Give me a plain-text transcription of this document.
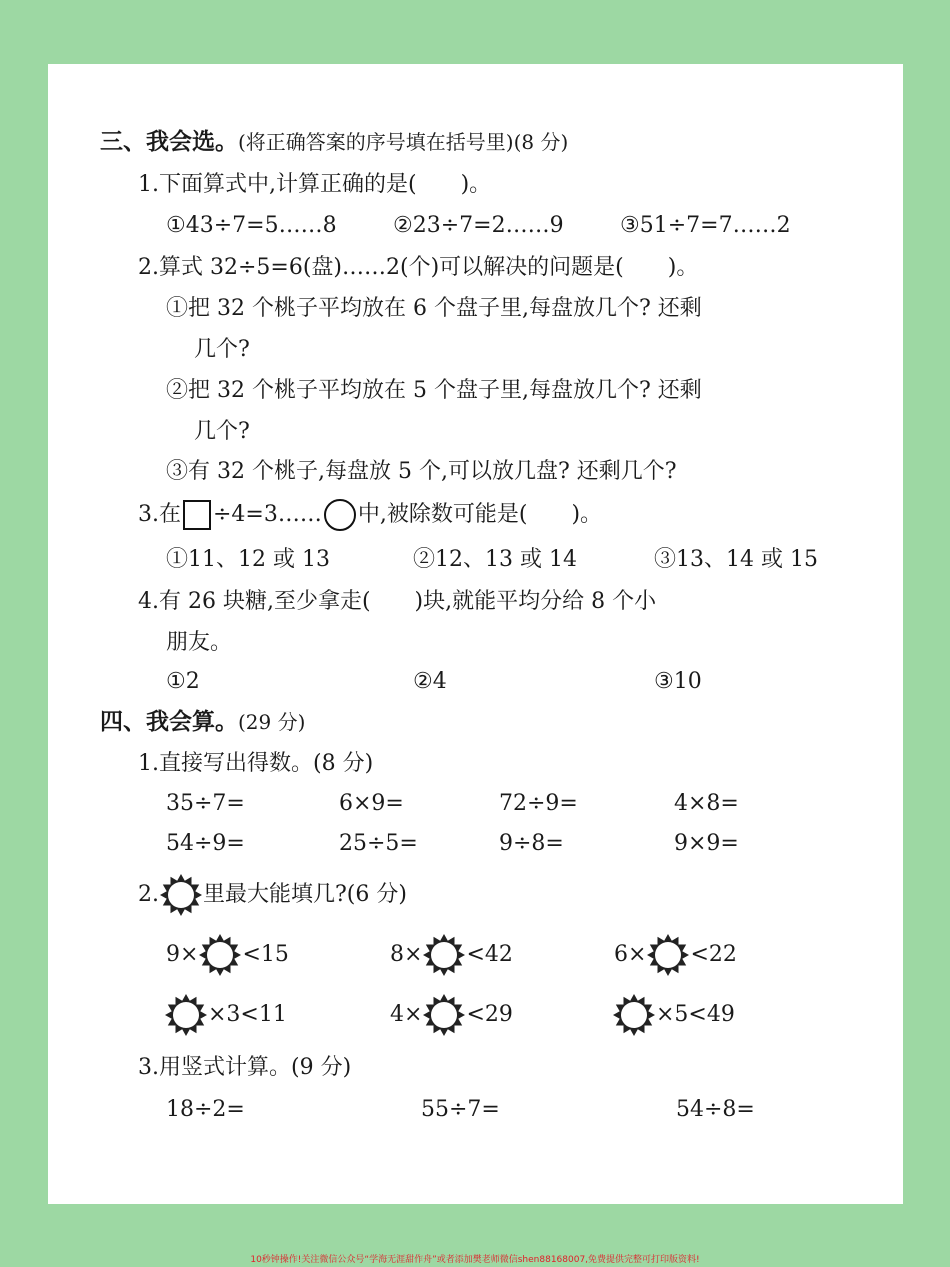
三、我会选。(将正确答案的序号填在括号里)(8 分)
1.下面算式中,计算正确的是(　　)。
①43÷7=5……8	②23÷7=2……9	③51÷7=7……2
2.算式 32÷5=6(盘)……2(个)可以解决的问题是(　　)。
①把 32 个桃子平均放在 6 个盘子里,每盘放几个? 还剩
几个?
②把 32 个桃子平均放在 5 个盘子里,每盘放几个? 还剩
几个?
③有 32 个桃子,每盘放 5 个,可以放几盘? 还剩几个?
3.在 ÷4=3…… 中,被除数可能是(　　)。
①11、12 或 13	②12、13 或 14	③13、14 或 15
4.有 26 块糖,至少拿走(　　)块,就能平均分给 8 个小
朋友。
①2	②4	③10
四、我会算。(29 分)
1.直接写出得数。(8 分)
35÷7=	6×9=	72÷9=	4×8=
54÷9=	25÷5=	9÷8=	9×9=
2. 里最大能填几?(6 分)
9× <15	8× <42	6× <22
×3<11	4× <29	×5<49
3.用竖式计算。(9 分)
18÷2=	55÷7=	54÷8=
10秒钟操作!关注微信公众号“学海无涯甜作舟”或者添加樊老师微信shen88168007,免费提供完整可打印版资料!
